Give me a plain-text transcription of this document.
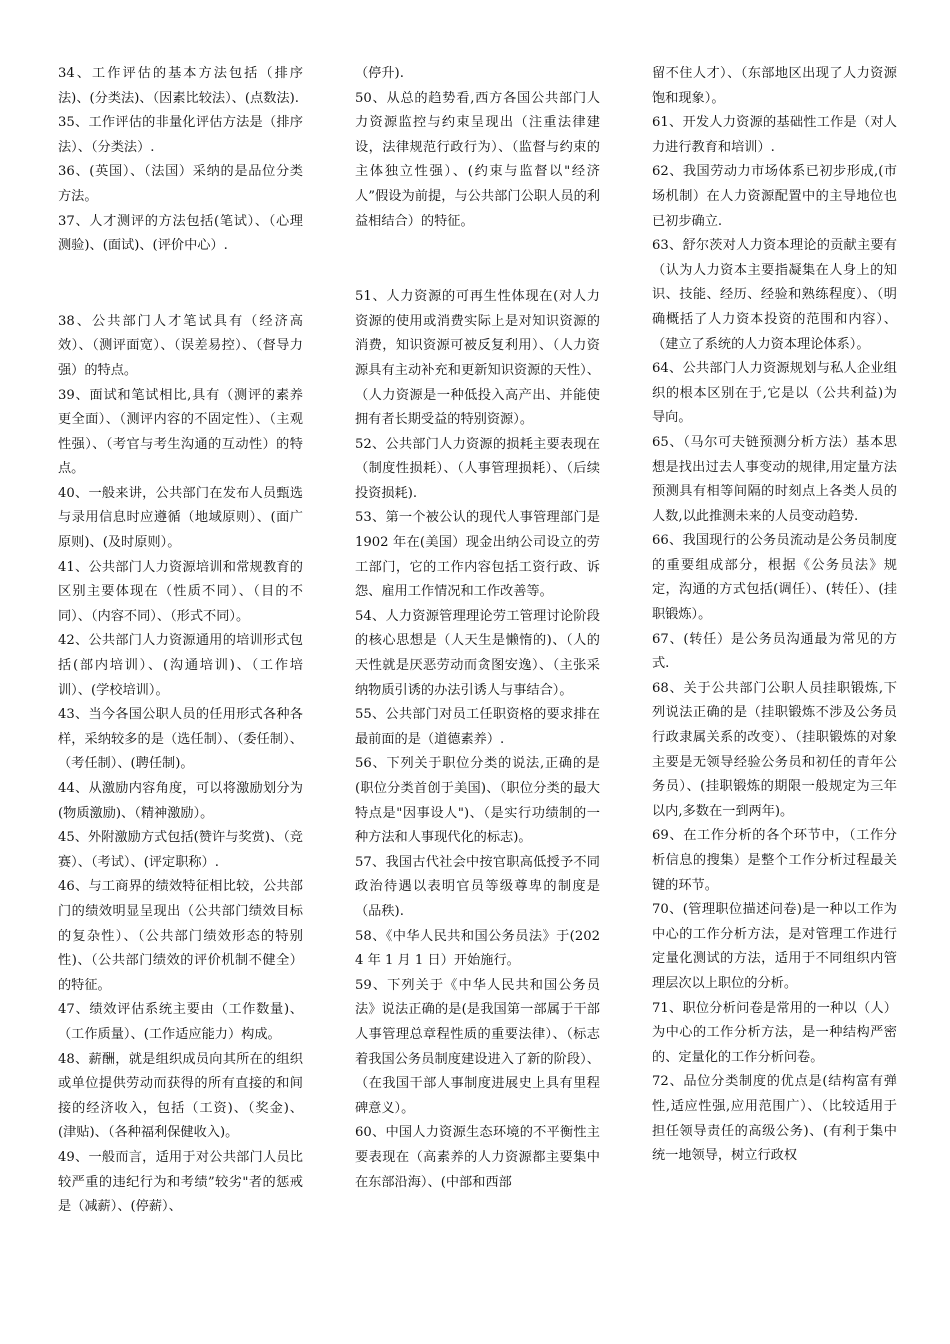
34、工作评估的基本方法包括（排序法)、(分类法)、（因素比较法）、(点数法).

35、工作评估的非量化评估方法是（排序法）、（分类法）.

36、(英国）、（法国）采纳的是品位分类方法。

37、人才测评的方法包括(笔试）、（心理测验)、(面试)、(评价中心）.

38、公共部门人才笔试具有（经济高效）、（测评面宽）、（误差易控）、（督导力强）的特点。

39、面试和笔试相比,具有（测评的素养更全面）、（测评内容的不固定性）、（主观性强）、（考官与考生沟通的互动性）的特点。

40、一般来讲，公共部门在发布人员甄选与录用信息时应遵循（地域原则）、(面广原则)、(及时原则）。

41、公共部门人力资源培训和常规教育的区别主要体现在（性质不同）、（目的不同）、（内容不同）、（形式不同）。

42、公共部门人力资源通用的培训形式包括(部内培训）、(沟通培训)、（工作培训）、(学校培训）。

43、当今各国公职人员的任用形式各种各样，采纳较多的是（选任制）、（委任制）、（考任制）、(聘任制)。

44、从激励内容角度，可以将激励划分为(物质激励)、（精神激励）。

45、外附激励方式包括(赞许与奖赏)、（竞赛）、（考试）、(评定职称）.

46、与工商界的绩效特征相比较，公共部门的绩效明显呈现出（公共部门绩效目标的复杂性）、（公共部门绩效形态的特别性)、（公共部门绩效的评价机制不健全）的特征。

47、绩效评估系统主要由（工作数量)、（工作质量）、(工作适应能力）构成。

48、薪酬，就是组织成员向其所在的组织或单位提供劳动而获得的所有直接的和间接的经济收入，包括（工资)、（奖金)、(津贴)、（各种福利保健收入)。

49、一般而言，适用于对公共部门人员比较严重的违纪行为和考绩”较劣"者的惩戒是（减薪）、(停薪）、

（停升).

50、从总的趋势看,西方各国公共部门人力资源监控与约束呈现出（注重法律建设，法律规范行政行为）、（监督与约束的主体独立性强）、(约束与监督以"经济人”假设为前提，与公共部门公职人员的利益相结合）的特征。

51、人力资源的可再生性体现在(对人力资源的使用或消费实际上是对知识资源的消费，知识资源可被反复利用）、（人力资源具有主动补充和更新知识资源的天性）、（人力资源是一种低投入高产出、并能使拥有者长期受益的特别资源）。

52、公共部门人力资源的损耗主要表现在（制度性损耗）、（人事管理损耗）、（后续投资损耗).

53、第一个被公认的现代人事管理部门是 1902 年在(美国）现金出纳公司设立的劳工部门，它的工作内容包括工资行政、诉怨、雇用工作情况和工作改善等。

54、人力资源管理理论劳工管理讨论阶段的核心思想是（人天生是懒惰的)、（人的天性就是厌恶劳动而贪图安逸）、（主张采纳物质引诱的办法引诱人与事结合）。

55、公共部门对员工任职资格的要求排在最前面的是（道德素养）.

56、下列关于职位分类的说法,正确的是(职位分类首创于美国)、（职位分类的最大特点是"因事设人")、（是实行功绩制的一种方法和人事现代化的标志)。

57、我国古代社会中按官职高低授予不同政治待遇以表明官员等级尊卑的制度是（品秩).

58、《中华人民共和国公务员法》于(2024 年 1 月 1 日）开始施行。

59、下列关于《中华人民共和国公务员法》说法正确的是(是我国第一部属于干部人事管理总章程性质的重要法律）、（标志着我国公务员制度建设进入了新的阶段）、（在我国干部人事制度进展史上具有里程碑意义）。

60、中国人力资源生态环境的不平衡性主要表现在（高素养的人力资源都主要集中在东部沿海）、(中部和西部

留不住人才）、（东部地区出现了人力资源饱和现象）。

61、开发人力资源的基础性工作是（对人力进行教育和培训）.

62、我国劳动力市场体系已初步形成,(市场机制）在人力资源配置中的主导地位也已初步确立.

63、舒尔茨对人力资本理论的贡献主要有（认为人力资本主要指凝集在人身上的知识、技能、经历、经验和熟练程度）、（明确概括了人力资本投资的范围和内容）、（建立了系统的人力资本理论体系）。

64、公共部门人力资源规划与私人企业组织的根本区别在于,它是以（公共利益)为导向。

65、（马尔可夫链预测分析方法）基本思想是找出过去人事变动的规律,用定量方法预测具有相等间隔的时刻点上各类人员的人数,以此推测未来的人员变动趋势.

66、我国现行的公务员流动是公务员制度的重要组成部分，根据《公务员法》规定，沟通的方式包括(调任）、(转任）、(挂职锻炼）。

67、(转任）是公务员沟通最为常见的方式.

68、关于公共部门公职人员挂职锻炼,下列说法正确的是（挂职锻炼不涉及公务员行政隶属关系的改变）、（挂职锻炼的对象主要是无领导经验公务员和初任的青年公务员）、(挂职锻炼的期限一般规定为三年以内,多数在一到两年)。

69、在工作分析的各个环节中，（工作分析信息的搜集）是整个工作分析过程最关键的环节。

70、(管理职位描述问卷)是一种以工作为中心的工作分析方法，是对管理工作进行定量化测试的方法，适用于不同组织内管理层次以上职位的分析。

71、职位分析问卷是常用的一种以（人）为中心的工作分析方法，是一种结构严密的、定量化的工作分析问卷。

72、品位分类制度的优点是(结构富有弹性,适应性强,应用范围广）、（比较适用于担任领导责任的高级公务)、(有利于集中统一地领导，树立行政权
